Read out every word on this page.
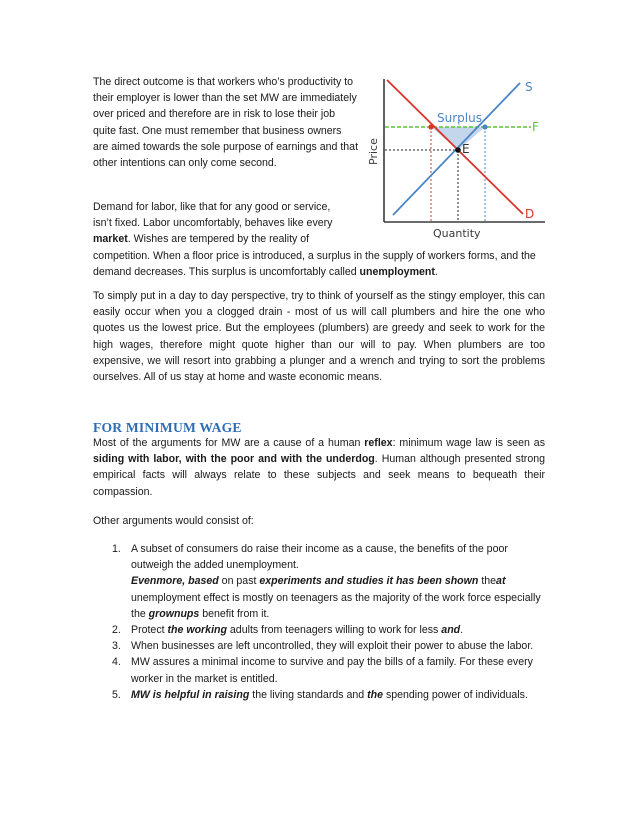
The direct outcome is that workers who’s productivity to their employer is lower than the set MW are immediately over priced and therefore are in risk to lose their job quite fast. One must remember that business owners are aimed towards the sole purpose of earnings and that other intentions can only come second.

S
D
F
E
Surplus
Quantity
Price

Demand for labor, like that for any good or service,
isn’t fixed. Labor uncomfortably, behaves like every
market. Wishes are tempered by the reality of
competition. When a floor price is introduced, a surplus in the supply of workers forms, and the demand decreases. This surplus is uncomfortably called unemployment.

To simply put in a day to day perspective, try to think of yourself as the stingy employer, this can easily occur when you a clogged drain - most of us will call plumbers and hire the one who quotes us the lowest price. But the employees (plumbers) are greedy and seek to work for the high wages, therefore might quote higher than our will to pay. When plumbers are too expensive, we will resort into grabbing a plunger and a wrench and trying to sort the problems ourselves. All of us stay at home and waste economic means.

FOR MINIMUM WAGE

Most of the arguments for MW are a cause of a human reflex: minimum wage law is seen as siding with labor, with the poor and with the underdog. Human although presented strong empirical facts will always relate to these subjects and seek means to bequeath their compassion.

Other arguments would consist of:

1. A subset of consumers do raise their income as a cause, the benefits of the poor outweigh the added unemployment.
Evenmore, based on past experiments and studies it has been shown theat unemployment effect is mostly on teenagers as the majority of the work force especially the grownups benefit from it.
2. Protect the working adults from teenagers willing to work for less and.
3. When businesses are left uncontrolled, they will exploit their power to abuse the labor.
4. MW assures a minimal income to survive and pay the bills of a family. For these every worker in the market is entitled.
5. MW is helpful in raising the living standards and the spending power of individuals.
